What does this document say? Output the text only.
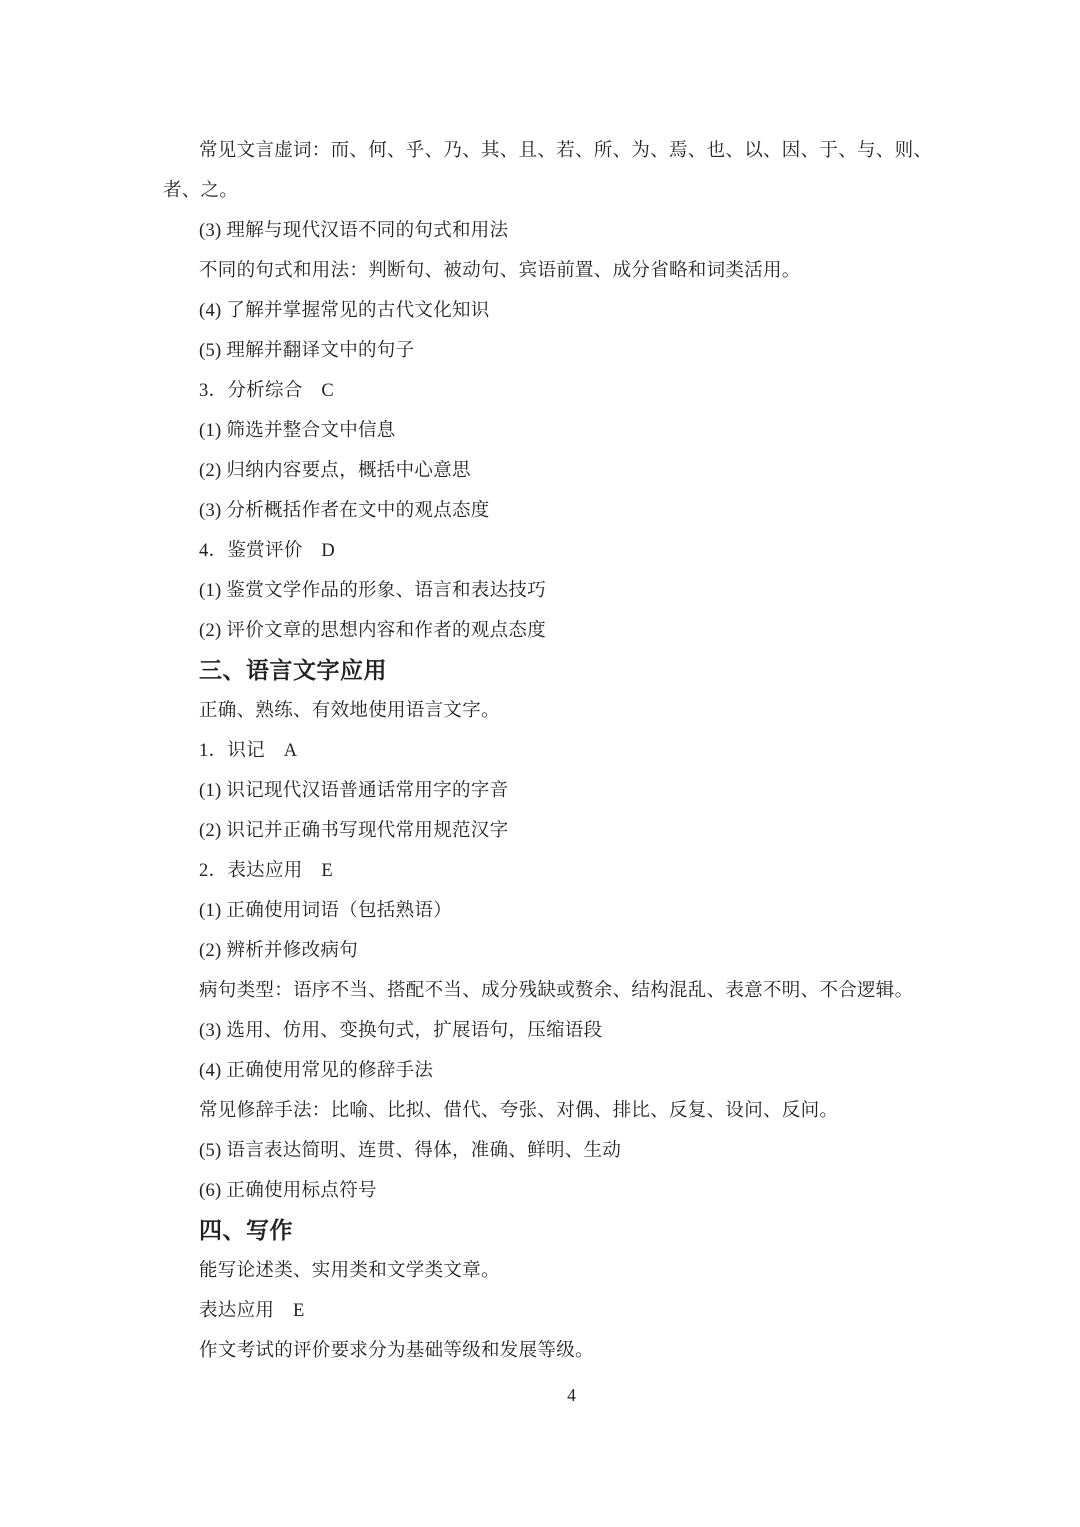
常见文言虚词：而、何、乎、乃、其、且、若、所、为、焉、也、以、因、于、与、则、

者、之。

(3) 理解与现代汉语不同的句式和用法

不同的句式和用法：判断句、被动句、宾语前置、成分省略和词类活用。

(4) 了解并掌握常见的古代文化知识

(5) 理解并翻译文中的句子

3．分析综合　C

(1) 筛选并整合文中信息

(2) 归纳内容要点，概括中心意思

(3) 分析概括作者在文中的观点态度

4．鉴赏评价　D

(1) 鉴赏文学作品的形象、语言和表达技巧

(2) 评价文章的思想内容和作者的观点态度

三、语言文字应用

正确、熟练、有效地使用语言文字。

1．识记　A

(1) 识记现代汉语普通话常用字的字音

(2) 识记并正确书写现代常用规范汉字

2．表达应用　E

(1) 正确使用词语（包括熟语）

(2) 辨析并修改病句

病句类型：语序不当、搭配不当、成分残缺或赘余、结构混乱、表意不明、不合逻辑。

(3) 选用、仿用、变换句式，扩展语句，压缩语段

(4) 正确使用常见的修辞手法

常见修辞手法：比喻、比拟、借代、夸张、对偶、排比、反复、设问、反问。

(5) 语言表达简明、连贯、得体，准确、鲜明、生动

(6) 正确使用标点符号

四、写作

能写论述类、实用类和文学类文章。

表达应用　E

作文考试的评价要求分为基础等级和发展等级。

4
